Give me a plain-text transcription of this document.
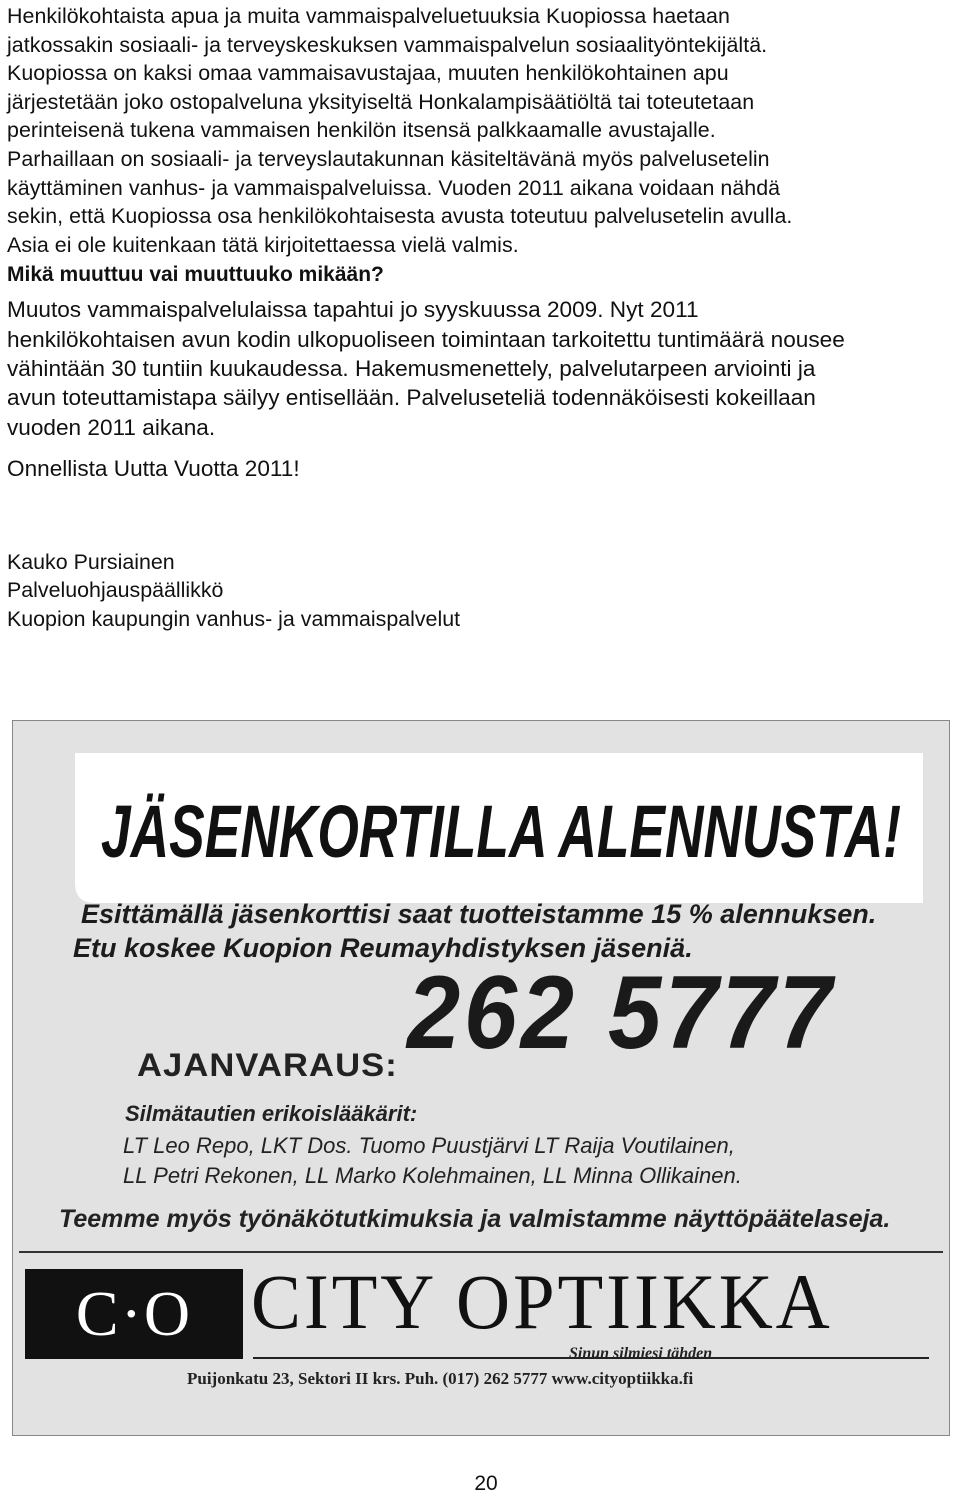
Henkilökohtaista apua ja muita vammaispalveluetuuksia Kuopiossa haetaan
jatkossakin sosiaali- ja terveyskeskuksen vammaispalvelun sosiaalityöntekijältä.
Kuopiossa on kaksi omaa vammaisavustajaa, muuten henkilökohtainen apu
järjestetään joko ostopalveluna yksityiseltä Honkalampisäätiöltä tai toteutetaan
perinteisenä tukena vammaisen henkilön itsensä palkkaamalle avustajalle.
Parhaillaan on sosiaali- ja terveyslautakunnan käsiteltävänä myös palvelusetelin
käyttäminen vanhus- ja vammaispalveluissa. Vuoden 2011 aikana voidaan nähdä
sekin, että Kuopiossa osa henkilökohtaisesta avusta toteutuu palvelusetelin avulla.
Asia ei ole kuitenkaan tätä kirjoitettaessa vielä valmis.

Mikä muuttuu vai muuttuuko mikään?

Muutos vammaispalvelulaissa tapahtui jo syyskuussa 2009. Nyt 2011
henkilökohtaisen avun kodin ulkopuoliseen toimintaan tarkoitettu tuntimäärä nousee
vähintään 30 tuntiin kuukaudessa. Hakemusmenettely, palvelutarpeen arviointi ja
avun toteuttamistapa säilyy entisellään. Palveluseteliä todennäköisesti kokeillaan
vuoden 2011 aikana.

Onnellista Uutta Vuotta 2011!

Kauko Pursiainen
Palveluohjauspäällikkö
Kuopion kaupungin vanhus- ja vammaispalvelut
JÄSENKORTILLA ALENNUSTA!
Esittämällä jäsenkorttisi saat tuotteistamme 15 % alennuksen.
Etu koskee Kuopion Reumayhdistyksen jäseniä.
AJANVARAUS: 262 5777
Silmätautien erikoislääkärit:
LT Leo Repo, LKT Dos. Tuomo Puustjärvi LT Raija Voutilainen,
LL Petri Rekonen, LL Marko Kolehmainen, LL Minna Ollikainen.
Teemme myös työnäkötutkimuksia ja valmistamme näyttöpäätelaseja.
C·O CITY OPTIIKKA
Sinun silmiesi tähden
Puijonkatu 23, Sektori II krs. Puh. (017) 262 5777 www.cityoptiikka.fi
20
